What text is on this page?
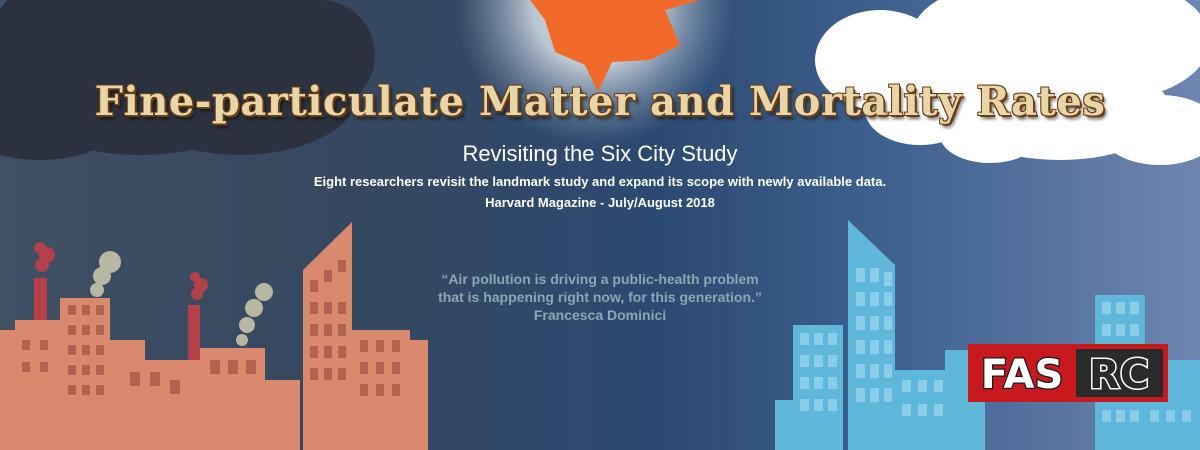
Fine-particulate Matter and Mortality Rates
Revisiting the Six City Study

Eight researchers revisit the landmark study and expand its scope with newly available data.

Harvard Magazine - July/August 2018

“Air pollution is driving a public-health problem
that is happening right now, for this generation.”
Francesca Dominici
FAS RC
